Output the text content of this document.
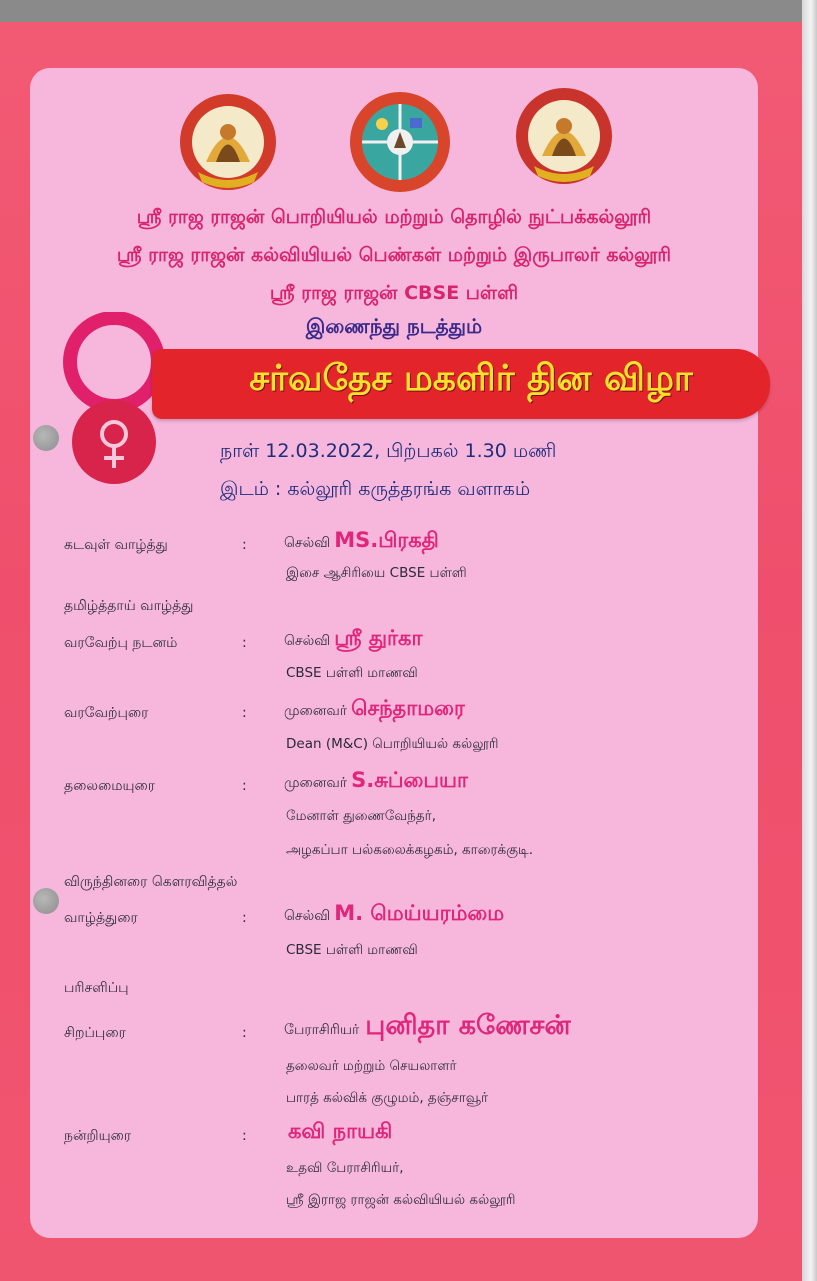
ஸ்ரீ ராஜ ராஜன் பொறியியல் மற்றும் தொழில் நுட்பக்கல்லூரி
ஸ்ரீ ராஜ ராஜன் கல்வியியல் பெண்கள் மற்றும் இருபாலர் கல்லூரி
ஸ்ரீ ராஜ ராஜன் CBSE பள்ளி
இணைந்து நடத்தும்
சர்வதேச மகளிர் தின விழா
நாள் 12.03.2022, பிற்பகல் 1.30 மணி
இடம் : கல்லூரி கருத்தரங்க வளாகம்
கடவுள் வாழ்த்து	:	செல்வி MS.பிரகதி
இசை ஆசிரியை CBSE பள்ளி
தமிழ்த்தாய் வாழ்த்து
வரவேற்பு நடனம்	:	செல்வி ஸ்ரீ துர்கா
CBSE பள்ளி மாணவி
வரவேற்புரை	:	முனைவர் செந்தாமரை
Dean (M&C) பொறியியல் கல்லூரி
தலைமையுரை	:	முனைவர் S.சுப்பையா
மேனாள் துணைவேந்தர்,
அழகப்பா பல்கலைக்கழகம், காரைக்குடி.
விருந்தினரை கௌரவித்தல்
வாழ்த்துரை	:	செல்வி M. மெய்யரம்மை
CBSE பள்ளி மாணவி
பரிசளிப்பு
சிறப்புரை	:	பேராசிரியர் புனிதா கணேசன்
தலைவர் மற்றும் செயலாளர்
பாரத் கல்விக் குழுமம், தஞ்சாவூர்
நன்றியுரை	: கவி நாயகி
உதவி பேராசிரியர்,
ஸ்ரீ இராஜ ராஜன் கல்வியியல் கல்லூரி
